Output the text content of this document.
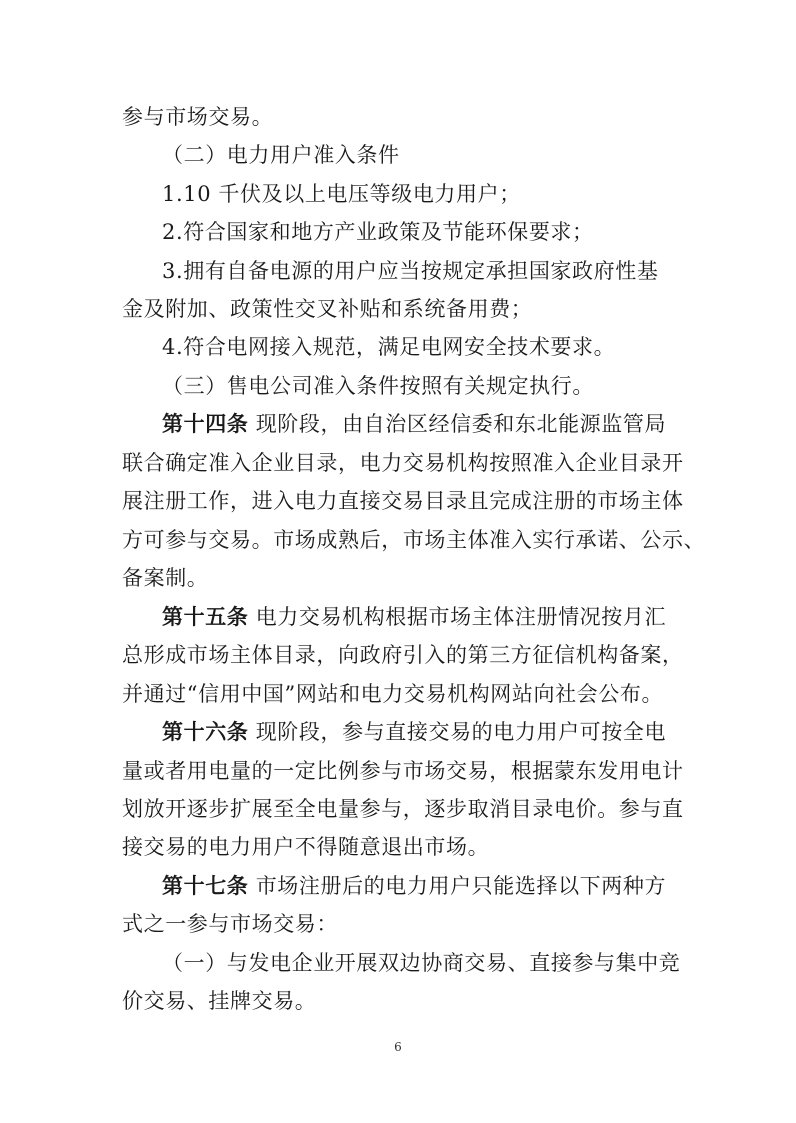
参与市场交易。
（二）电力用户准入条件
1.10 千伏及以上电压等级电力用户；
2.符合国家和地方产业政策及节能环保要求；
3.拥有自备电源的用户应当按规定承担国家政府性基
金及附加、政策性交叉补贴和系统备用费；
4.符合电网接入规范，满足电网安全技术要求。
（三）售电公司准入条件按照有关规定执行。
第十四条 现阶段，由自治区经信委和东北能源监管局
联合确定准入企业目录，电力交易机构按照准入企业目录开
展注册工作，进入电力直接交易目录且完成注册的市场主体
方可参与交易。市场成熟后，市场主体准入实行承诺、公示、
备案制。
第十五条 电力交易机构根据市场主体注册情况按月汇
总形成市场主体目录，向政府引入的第三方征信机构备案，
并通过“信用中国”网站和电力交易机构网站向社会公布。
第十六条 现阶段，参与直接交易的电力用户可按全电
量或者用电量的一定比例参与市场交易，根据蒙东发用电计
划放开逐步扩展至全电量参与，逐步取消目录电价。参与直
接交易的电力用户不得随意退出市场。
第十七条 市场注册后的电力用户只能选择以下两种方
式之一参与市场交易：
（一）与发电企业开展双边协商交易、直接参与集中竞
价交易、挂牌交易。
6
